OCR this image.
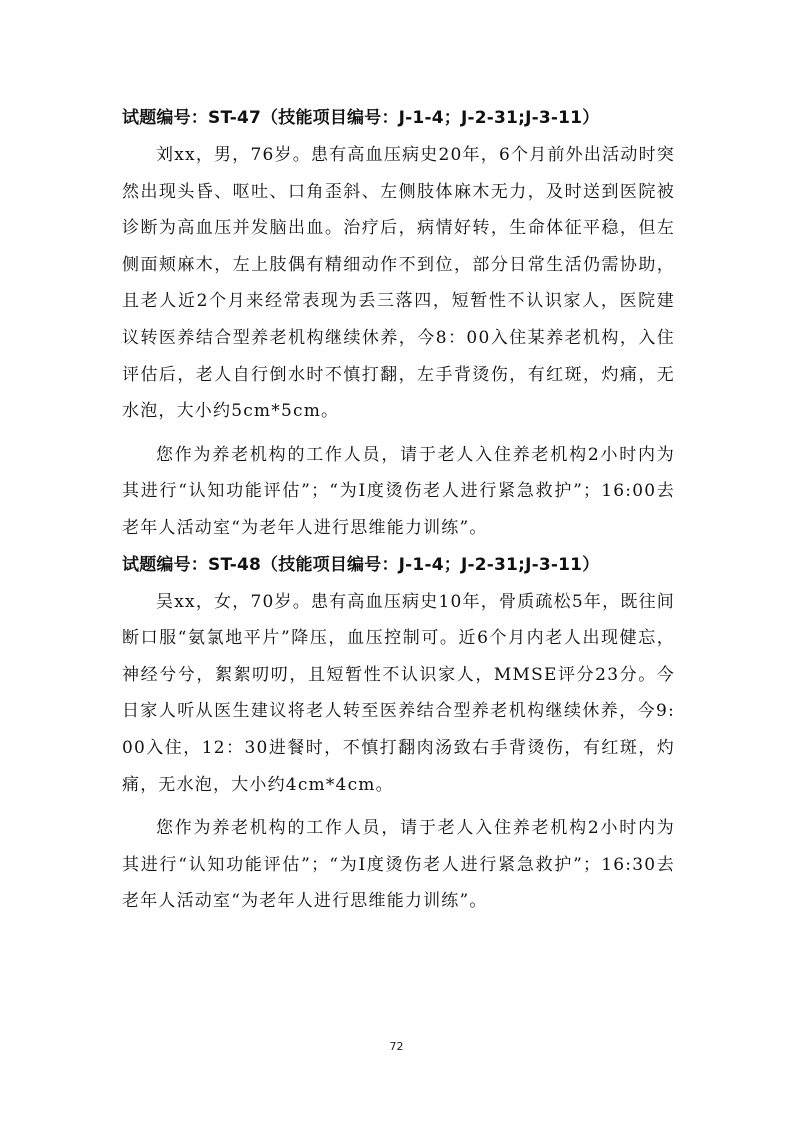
试题编号：ST-47（技能项目编号：J-1-4；J-2-31;J-3-11）

刘xx，男，76岁。患有高血压病史20年，6个月前外出活动时突然出现头昏、呕吐、口角歪斜、左侧肢体麻木无力，及时送到医院被诊断为高血压并发脑出血。治疗后，病情好转，生命体征平稳，但左侧面颊麻木，左上肢偶有精细动作不到位，部分日常生活仍需协助，且老人近2个月来经常表现为丢三落四，短暂性不认识家人，医院建议转医养结合型养老机构继续休养，今8：00入住某养老机构，入住评估后，老人自行倒水时不慎打翻，左手背烫伤，有红斑，灼痛，无水泡，大小约5cm*5cm。

您作为养老机构的工作人员，请于老人入住养老机构2小时内为其进行“认知功能评估”；“为Ⅰ度烫伤老人进行紧急救护”；16:00去老年人活动室“为老年人进行思维能力训练”。

试题编号：ST-48（技能项目编号：J-1-4；J-2-31;J-3-11）

吴xx，女，70岁。患有高血压病史10年，骨质疏松5年，既往间断口服“氨氯地平片”降压，血压控制可。近6个月内老人出现健忘，神经兮兮，絮絮叨叨，且短暂性不认识家人，MMSE评分23分。今日家人听从医生建议将老人转至医养结合型养老机构继续休养，今9:00入住，12：30进餐时，不慎打翻肉汤致右手背烫伤，有红斑，灼痛，无水泡，大小约4cm*4cm。

您作为养老机构的工作人员，请于老人入住养老机构2小时内为其进行“认知功能评估”；“为Ⅰ度烫伤老人进行紧急救护”；16:30去老年人活动室“为老年人进行思维能力训练”。

72
